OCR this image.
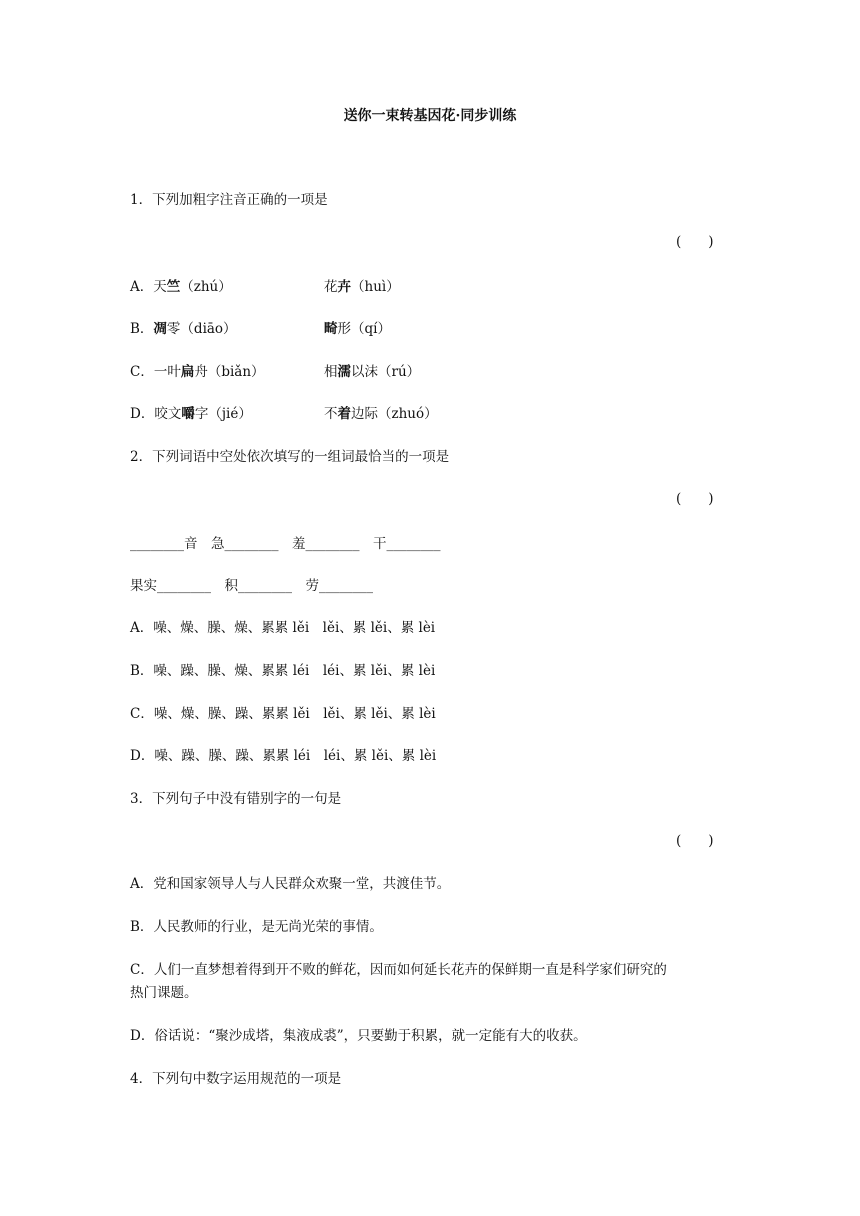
送你一束转基因花·同步训练
1．下列加粗字注音正确的一项是
(　　)
A．天竺（zhú）	花卉（huì）
B．凋零（diāo）	畸形（qí）
C．一叶扁舟（biǎn）	相濡以沫（rú）
D．咬文嚼字（jié）	不着边际（zhuó）
2．下列词语中空处依次填写的一组词最恰当的一项是
(　　)
________音　急________　羞________　干________
果实________　积________　劳________
A．噪、燥、臊、燥、累累 lěi　lěi、累 lěi、累 lèi
B．噪、躁、臊、燥、累累 léi　léi、累 lěi、累 lèi
C．噪、燥、臊、躁、累累 lěi　lěi、累 lěi、累 lèi
D．噪、躁、臊、躁、累累 léi　léi、累 lěi、累 lèi
3．下列句子中没有错别字的一句是
(　　)
A．党和国家领导人与人民群众欢聚一堂，共渡佳节。
B．人民教师的行业，是无尚光荣的事情。
C．人们一直梦想着得到开不败的鲜花，因而如何延长花卉的保鲜期一直是科学家们研究的
热门课题。
D．俗话说：“聚沙成塔，集液成裘”，只要勤于积累，就一定能有大的收获。
4．下列句中数字运用规范的一项是
